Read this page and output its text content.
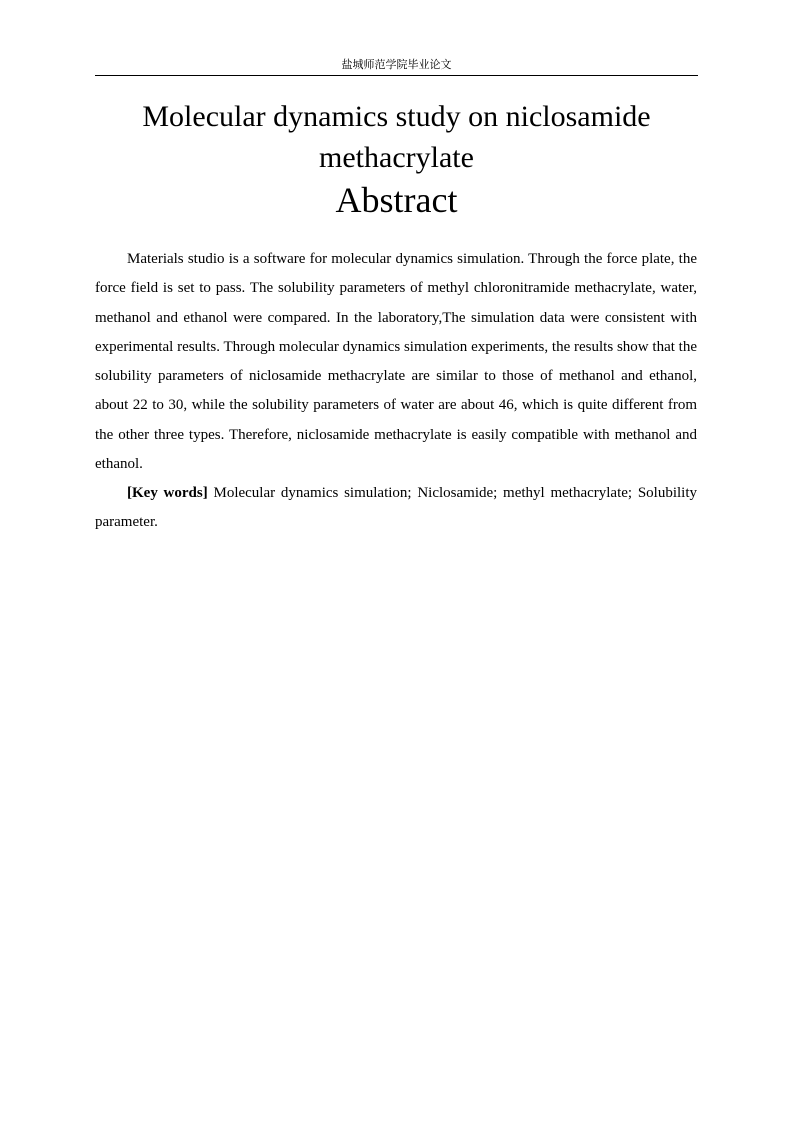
盐城师范学院毕业论文
Molecular dynamics study on niclosamide methacrylate
Abstract

Materials studio is a software for molecular dynamics simulation. Through the force plate, the force field is set to pass. The solubility parameters of methyl chloronitramide methacrylate, water, methanol and ethanol were compared. In the laboratory,The simulation data were consistent with experimental results. Through molecular dynamics simulation experiments, the results show that the solubility parameters of niclosamide methacrylate are similar to those of methanol and ethanol, about 22 to 30, while the solubility parameters of water are about 46, which is quite different from the other three types. Therefore, niclosamide methacrylate is easily compatible with methanol and ethanol.

[Key words] Molecular dynamics simulation; Niclosamide; methyl methacrylate; Solubility parameter.
